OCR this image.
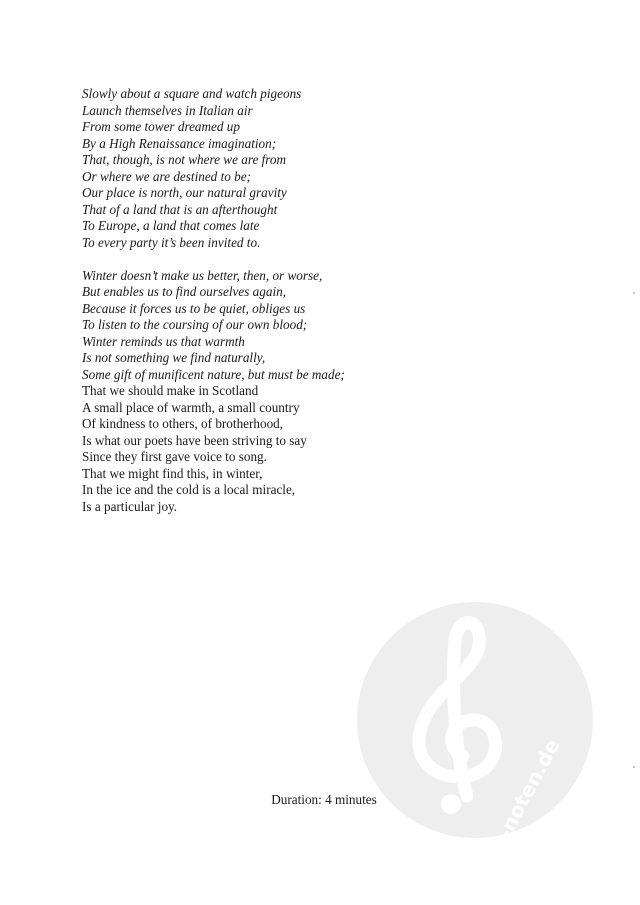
Slowly about a square and watch pigeons
Launch themselves in Italian air
From some tower dreamed up
By a High Renaissance imagination;
That, though, is not where we are from
Or where we are destined to be;
Our place is north, our natural gravity
That of a land that is an afterthought
To Europe, a land that comes late
To every party it’s been invited to.
Winter doesn’t make us better, then, or worse,
But enables us to find ourselves again,
Because it forces us to be quiet, obliges us
To listen to the coursing of our own blood;
Winter reminds us that warmth
Is not something we find naturally,
Some gift of munificent nature, but must be made;
That we should make in Scotland
A small place of warmth, a small country
Of kindness to others, of brotherhood,
Is what our poets have been striving to say
Since they first gave voice to song.
That we might find this, in winter,
In the ice and the cold is a local miracle,
Is a particular joy.
alle-noten.de
Duration: 4 minutes
